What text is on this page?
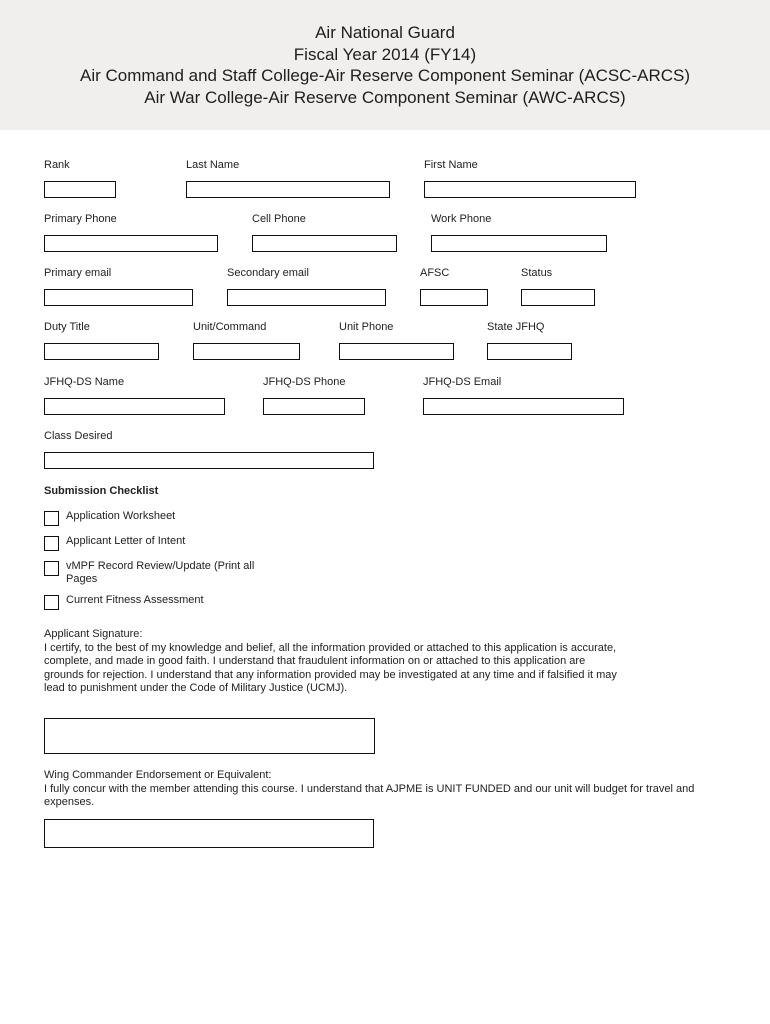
Air National Guard
Fiscal Year 2014 (FY14)
Air Command and Staff College-Air Reserve Component Seminar (ACSC-ARCS)
Air War College-Air Reserve Component Seminar (AWC-ARCS)
Rank	Last Name	First Name
Primary Phone	Cell Phone	Work Phone
Primary email	Secondary email	AFSC	Status
Duty Title	Unit/Command	Unit Phone	State JFHQ
JFHQ-DS Name	JFHQ-DS Phone	JFHQ-DS Email
Class Desired
Submission Checklist
Application Worksheet
Applicant Letter of Intent
vMPF Record Review/Update (Print all Pages
Current Fitness Assessment
Applicant Signature:
I certify, to the best of my knowledge and belief, all the information provided or attached to this application is accurate, complete, and made in good faith. I understand that fraudulent information on or attached to this application are grounds for rejection. I understand that any information provided may be investigated at any time and if falsified it may lead to punishment under the Code of Military Justice (UCMJ).
Wing Commander Endorsement or Equivalent:
I fully concur with the member attending this course. I understand that AJPME is UNIT FUNDED and our unit will budget for travel and expenses.
